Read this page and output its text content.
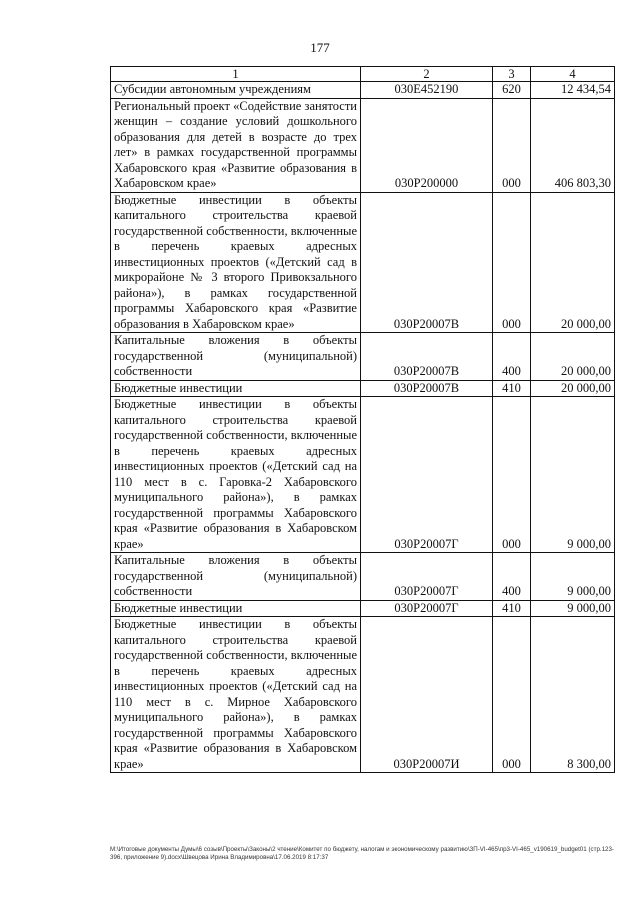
177
1	2	3	4
Субсидии автономным учреждениям	030E452190	620	12 434,54
Региональный проект «Содействие занятости женщин – создание условий дошкольного образования для детей в возрасте до трех лет» в рамках государственной программы Хабаровского края «Развитие образования в Хабаровском крае»	030P200000	000	406 803,30
Бюджетные инвестиции в объекты капитального строительства краевой государственной собственности, включенные в перечень краевых адресных инвестиционных проектов («Детский сад в микрорайоне № 3 второго Привокзального района»), в рамках государственной программы Хабаровского края «Развитие образования в Хабаровском крае»	030P20007В	000	20 000,00
Капитальные вложения в объекты государственной (муниципальной) собственности	030P20007В	400	20 000,00
Бюджетные инвестиции	030P20007В	410	20 000,00
Бюджетные инвестиции в объекты капитального строительства краевой государственной собственности, включенные в перечень краевых адресных инвестиционных проектов («Детский сад на 110 мест в с. Гаровка-2 Хабаровского муниципального района»), в рамках государственной программы Хабаровского края «Развитие образования в Хабаровском крае»	030P20007Г	000	9 000,00
Капитальные вложения в объекты государственной (муниципальной) собственности	030P20007Г	400	9 000,00
Бюджетные инвестиции	030P20007Г	410	9 000,00
Бюджетные инвестиции в объекты капитального строительства краевой государственной собственности, включенные в перечень краевых адресных инвестиционных проектов («Детский сад на 110 мест в с. Мирное Хабаровского муниципального района»), в рамках государственной программы Хабаровского края «Развитие образования в Хабаровском крае»	030P20007И	000	8 300,00
M:\Итоговые документы Думы\6 созыв\Проекты\Законы\2 чтение\Комитет по бюджету, налогам и экономическому развитию\ЗП-VI-465\пр3-VI-465_v190619_budget01 (стр.123-396, приложение 9).docx\Швецова Ирина Владимировна\17.06.2019 8:17:37
